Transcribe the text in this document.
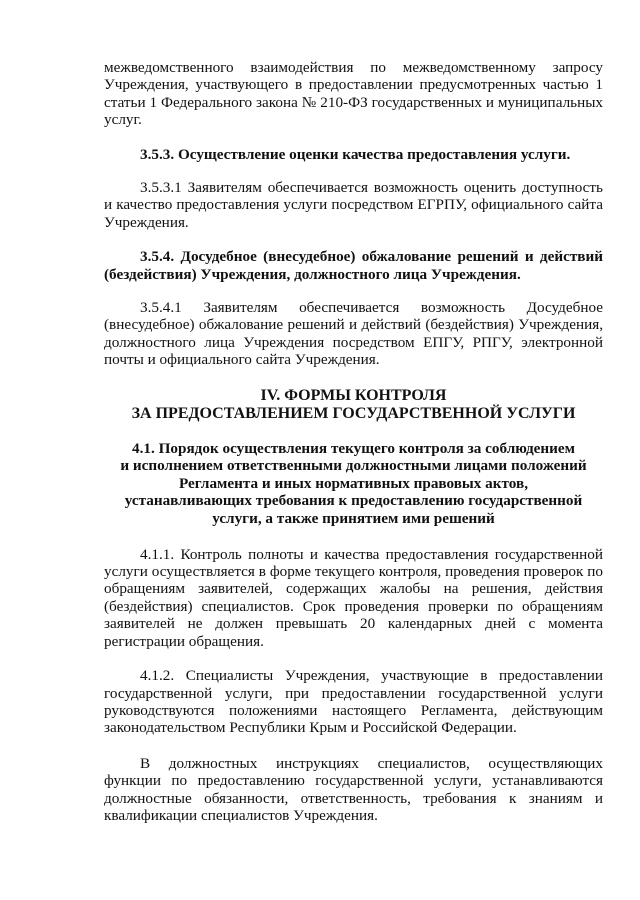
межведомственного взаимодействия по межведомственному запросу Учреждения, участвующего в предоставлении предусмотренных частью 1 статьи 1 Федерального закона № 210-ФЗ государственных и муниципальных услуг.

3.5.3. Осуществление оценки качества предоставления услуги.

3.5.3.1 Заявителям обеспечивается возможность оценить доступность и качество предоставления услуги посредством ЕГРПУ, официального сайта Учреждения.

3.5.4. Досудебное (внесудебное) обжалование решений и действий (бездействия) Учреждения, должностного лица Учреждения.

3.5.4.1 Заявителям обеспечивается возможность Досудебное (внесудебное) обжалование решений и действий (бездействия) Учреждения, должностного лица Учреждения посредством ЕПГУ, РПГУ, электронной почты и официального сайта Учреждения.

IV. ФОРМЫ КОНТРОЛЯ
ЗА ПРЕДОСТАВЛЕНИЕМ ГОСУДАРСТВЕННОЙ УСЛУГИ
4.1. Порядок осуществления текущего контроля за соблюдением
и исполнением ответственными должностными лицами положений
Регламента и иных нормативных правовых актов,
устанавливающих требования к предоставлению государственной
услуги, а также принятием ими решений

4.1.1. Контроль полноты и качества предоставления государственной услуги осуществляется в форме текущего контроля, проведения проверок по обращениям заявителей, содержащих жалобы на решения, действия (бездействия) специалистов. Срок проведения проверки по обращениям заявителей не должен превышать 20 календарных дней с момента регистрации обращения.

4.1.2. Специалисты Учреждения, участвующие в предоставлении государственной услуги, при предоставлении государственной услуги руководствуются положениями настоящего Регламента, действующим законодательством Республики Крым и Российской Федерации.

В должностных инструкциях специалистов, осуществляющих функции по предоставлению государственной услуги, устанавливаются должностные обязанности, ответственность, требования к знаниям и квалификации специалистов Учреждения.
